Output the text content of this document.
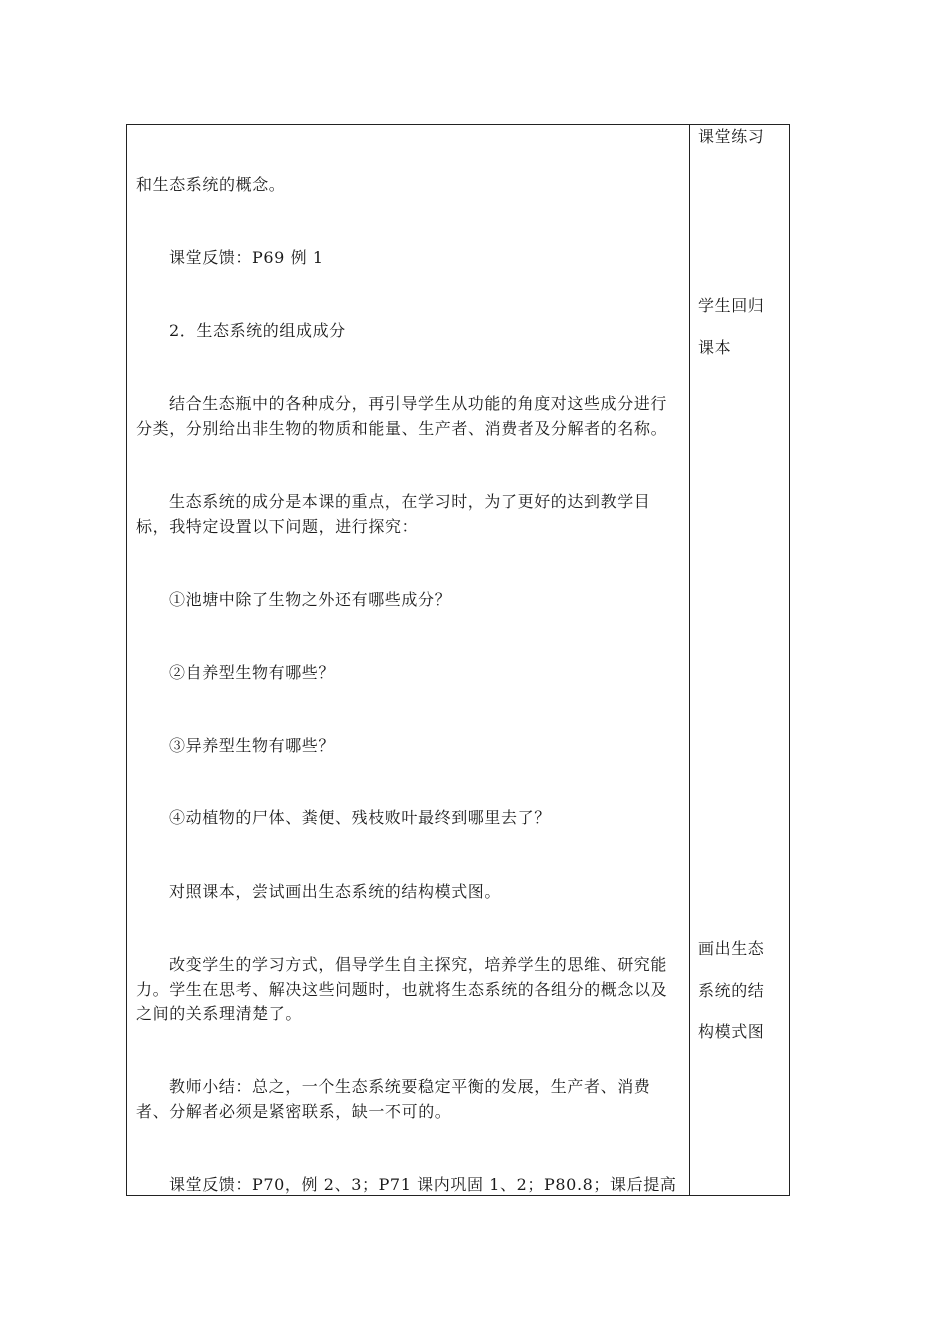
和生态系统的概念。
课堂反馈：P69 例 1
2．生态系统的组成成分
结合生态瓶中的各种成分，再引导学生从功能的角度对这些成分进行
分类，分别给出非生物的物质和能量、生产者、消费者及分解者的名称。
生态系统的成分是本课的重点，在学习时，为了更好的达到教学目
标，我特定设置以下问题，进行探究：
①池塘中除了生物之外还有哪些成分？
②自养型生物有哪些？
③异养型生物有哪些？
④动植物的尸体、粪便、残枝败叶最终到哪里去了？
对照课本，尝试画出生态系统的结构模式图。
改变学生的学习方式，倡导学生自主探究，培养学生的思维、研究能
力。学生在思考、解决这些问题时，也就将生态系统的各组分的概念以及
之间的关系理清楚了。
教师小结：总之，一个生态系统要稳定平衡的发展，生产者、消费
者、分解者必须是紧密联系，缺一不可的。
课堂反馈：P70，例 2、3；P71 课内巩固 1、2；P80.8；课后提高
课堂练习
学生回归
课本
画出生态
系统的结
构模式图
